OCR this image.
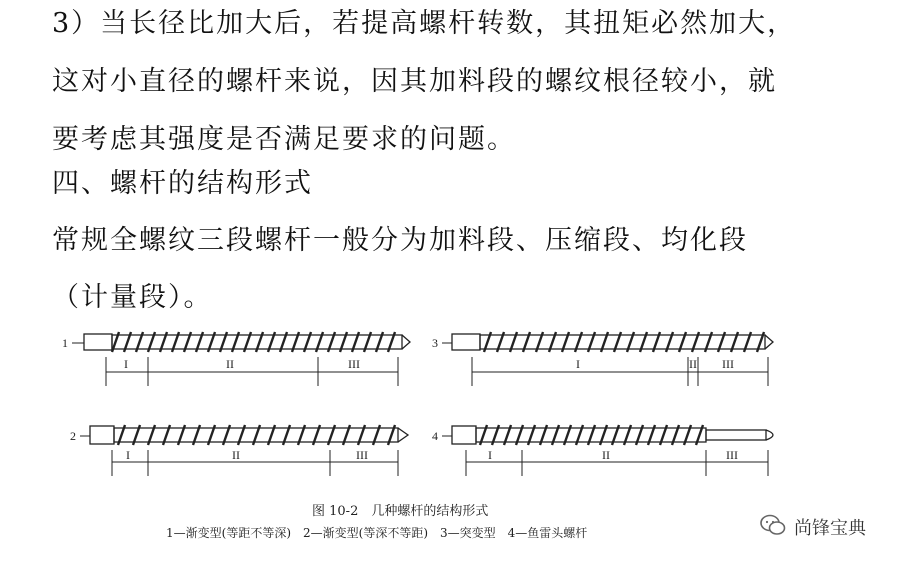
3）当长径比加大后，若提高螺杆转数，其扭矩必然加大，
这对小直径的螺杆来说，因其加料段的螺纹根径较小，就
要考虑其强度是否满足要求的问题。
四、螺杆的结构形式
常规全螺纹三段螺杆一般分为加料段、压缩段、均化段
（计量段）。
1
I	II	III
3
I	II III
2
I	II	III
4
I	II	III
图 10-2　几种螺杆的结构形式
1—渐变型(等距不等深)　2—渐变型(等深不等距)　3—突变型　4—鱼雷头螺杆	尚锋宝典
